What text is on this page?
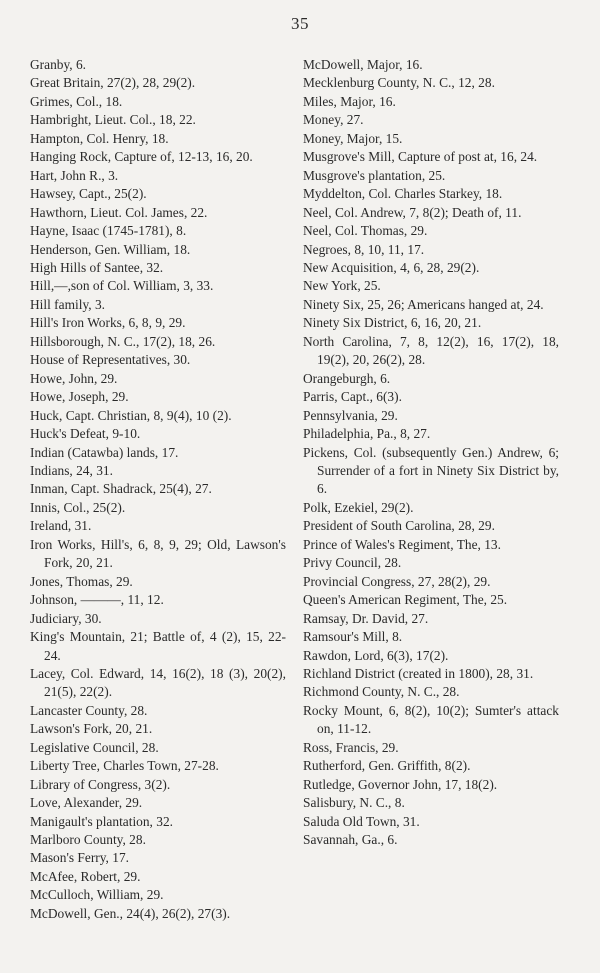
35
Granby, 6.
Great Britain, 27(2), 28, 29(2).
Grimes, Col., 18.
Hambright, Lieut. Col., 18, 22.
Hampton, Col. Henry, 18.
Hanging Rock, Capture of, 12-13, 16, 20.
Hart, John R., 3.
Hawsey, Capt., 25(2).
Hawthorn, Lieut. Col. James, 22.
Hayne, Isaac (1745-1781), 8.
Henderson, Gen. William, 18.
High Hills of Santee, 32.
Hill,—,son of Col. William, 3, 33.
Hill family, 3.
Hill's Iron Works, 6, 8, 9, 29.
Hillsborough, N. C., 17(2), 18, 26.
House of Representatives, 30.
Howe, John, 29.
Howe, Joseph, 29.
Huck, Capt. Christian, 8, 9(4), 10 (2).
Huck's Defeat, 9-10.
Indian (Catawba) lands, 17.
Indians, 24, 31.
Inman, Capt. Shadrack, 25(4), 27.
Innis, Col., 25(2).
Ireland, 31.
Iron Works, Hill's, 6, 8, 9, 29; Old, Lawson's Fork, 20, 21.
Jones, Thomas, 29.
Johnson, ———, 11, 12.
Judiciary, 30.
King's Mountain, 21; Battle of, 4 (2), 15, 22-24.
Lacey, Col. Edward, 14, 16(2), 18 (3), 20(2), 21(5), 22(2).
Lancaster County, 28.
Lawson's Fork, 20, 21.
Legislative Council, 28.
Liberty Tree, Charles Town, 27-28.
Library of Congress, 3(2).
Love, Alexander, 29.
Manigault's plantation, 32.
Marlboro County, 28.
Mason's Ferry, 17.
McAfee, Robert, 29.
McCulloch, William, 29.
McDowell, Gen., 24(4), 26(2), 27(3).
McDowell, Major, 16.
Mecklenburg County, N. C., 12, 28.
Miles, Major, 16.
Money, 27.
Money, Major, 15.
Musgrove's Mill, Capture of post at, 16, 24.
Musgrove's plantation, 25.
Myddelton, Col. Charles Starkey, 18.
Neel, Col. Andrew, 7, 8(2); Death of, 11.
Neel, Col. Thomas, 29.
Negroes, 8, 10, 11, 17.
New Acquisition, 4, 6, 28, 29(2).
New York, 25.
Ninety Six, 25, 26; Americans hanged at, 24.
Ninety Six District, 6, 16, 20, 21.
North Carolina, 7, 8, 12(2), 16, 17(2), 18, 19(2), 20, 26(2), 28.
Orangeburgh, 6.
Parris, Capt., 6(3).
Pennsylvania, 29.
Philadelphia, Pa., 8, 27.
Pickens, Col. (subsequently Gen.) Andrew, 6; Surrender of a fort in Ninety Six District by, 6.
Polk, Ezekiel, 29(2).
President of South Carolina, 28, 29.
Prince of Wales's Regiment, The, 13.
Privy Council, 28.
Provincial Congress, 27, 28(2), 29.
Queen's American Regiment, The, 25.
Ramsay, Dr. David, 27.
Ramsour's Mill, 8.
Rawdon, Lord, 6(3), 17(2).
Richland District (created in 1800), 28, 31.
Richmond County, N. C., 28.
Rocky Mount, 6, 8(2), 10(2); Sumter's attack on, 11-12.
Ross, Francis, 29.
Rutherford, Gen. Griffith, 8(2).
Rutledge, Governor John, 17, 18(2).
Salisbury, N. C., 8.
Saluda Old Town, 31.
Savannah, Ga., 6.
